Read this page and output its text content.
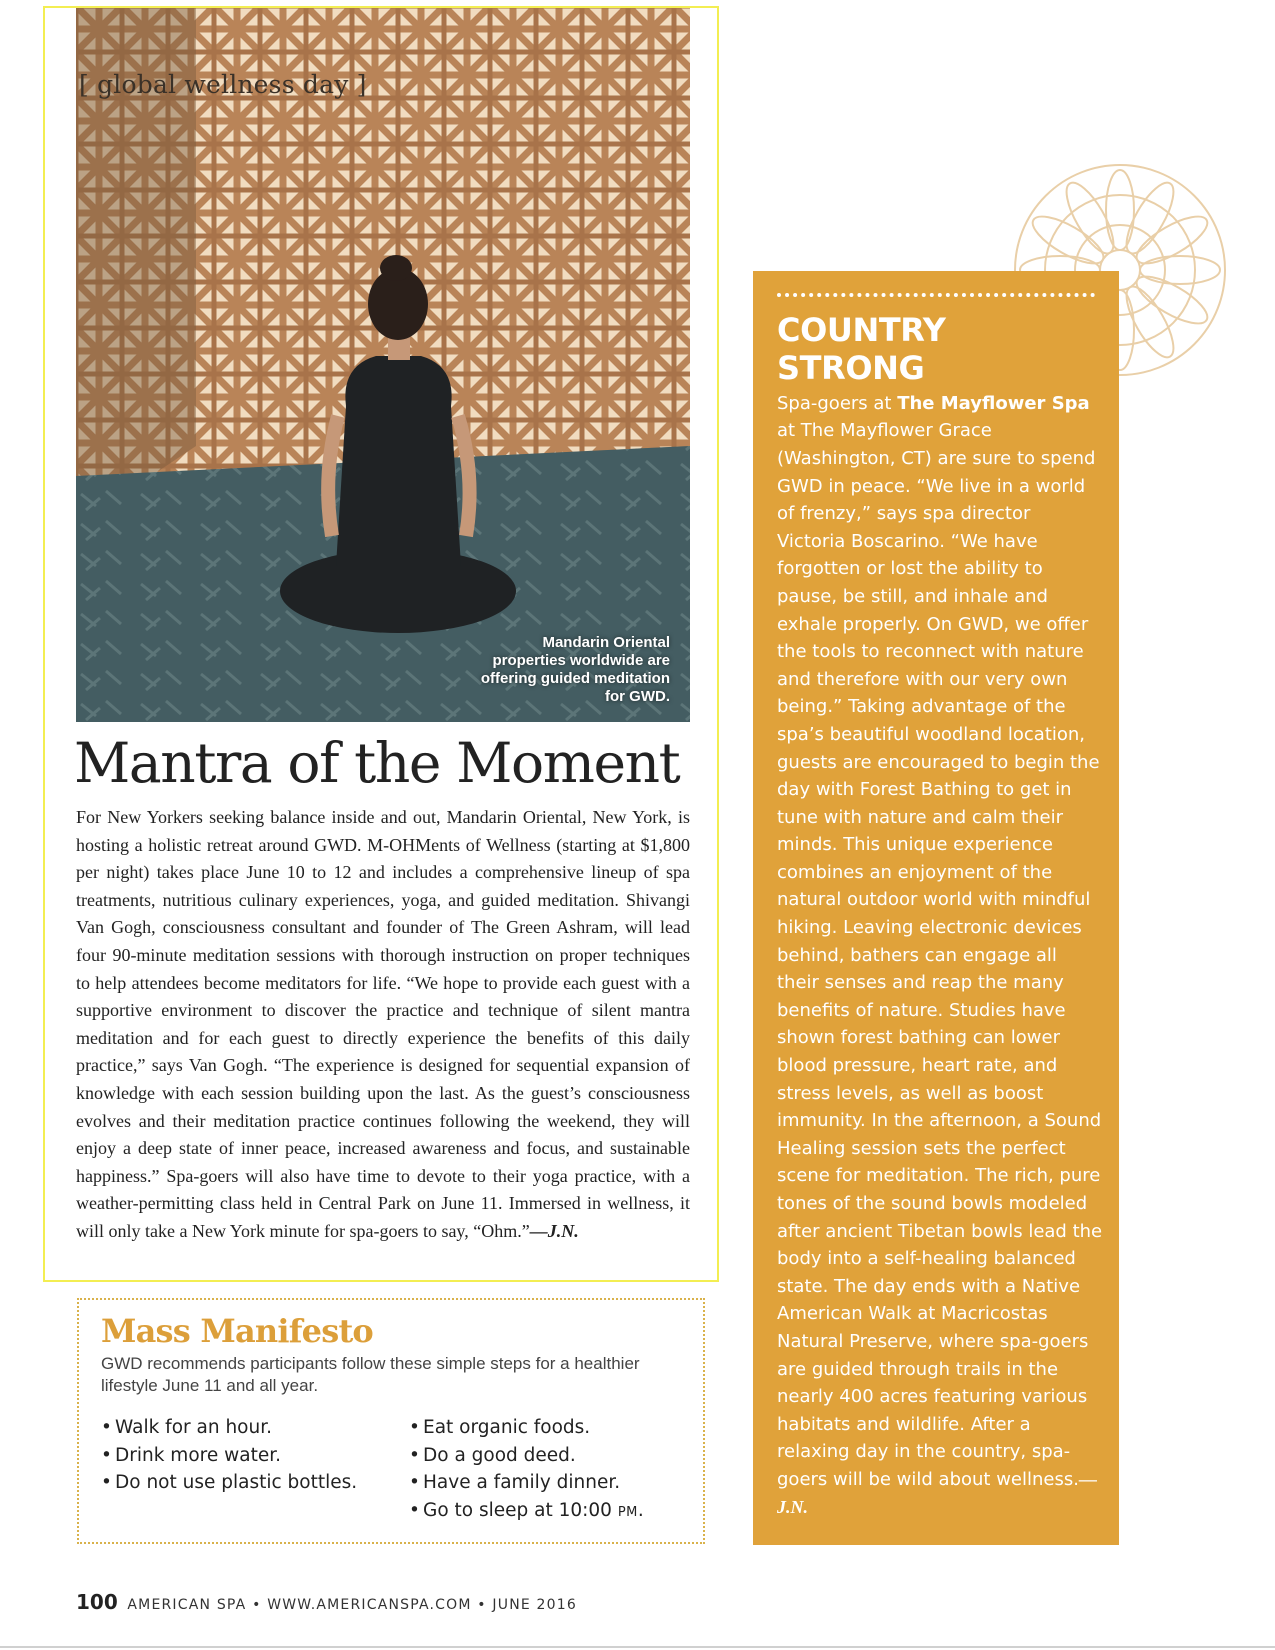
[ global wellness day ]
Mandarin Oriental properties worldwide are offering guided meditation for GWD.
Mantra of the Moment

For New Yorkers seeking balance inside and out, Mandarin Oriental, New York, is hosting a holistic retreat around GWD. M-OHMents of Wellness (starting at $1,800 per night) takes place June 10 to 12 and includes a comprehensive lineup of spa treatments, nutritious culinary experiences, yoga, and guided meditation. Shivangi Van Gogh, consciousness consultant and founder of The Green Ashram, will lead four 90-minute meditation sessions with thorough instruction on proper techniques to help attendees become meditators for life. “We hope to provide each guest with a supportive environment to discover the practice and technique of silent mantra meditation and for each guest to directly experience the benefits of this daily practice,” says Van Gogh. “The experience is designed for sequential expansion of knowledge with each session building upon the last. As the guest’s consciousness evolves and their meditation practice continues following the weekend, they will enjoy a deep state of inner peace, increased awareness and focus, and sustainable happiness.” Spa-goers will also have time to devote to their yoga practice, with a weather-permitting class held in Central Park on June 11. Immersed in wellness, it will only take a New York minute for spa-goers to say, “Ohm.”—J.N.

Mass Manifesto

GWD recommends participants follow these simple steps for a healthier lifestyle June 11 and all year.

• Walk for an hour.
• Drink more water.
• Do not use plastic bottles.
• Eat organic foods.
• Do a good deed.
• Have a family dinner.
• Go to sleep at 10:00 PM.
COUNTRY STRONG

Spa-goers at The Mayflower Spa at The Mayflower Grace (Washington, CT) are sure to spend GWD in peace. “We live in a world of frenzy,” says spa director Victoria Boscarino. “We have forgotten or lost the ability to pause, be still, and inhale and exhale properly. On GWD, we offer the tools to reconnect with nature and therefore with our very own being.” Taking advantage of the spa’s beautiful woodland location, guests are encouraged to begin the day with Forest Bathing to get in tune with nature and calm their minds. This unique experience combines an enjoyment of the natural outdoor world with mindful hiking. Leaving electronic devices behind, bathers can engage all their senses and reap the many benefits of nature. Studies have shown forest bathing can lower blood pressure, heart rate, and stress levels, as well as boost immunity. In the afternoon, a Sound Healing session sets the perfect scene for meditation. The rich, pure tones of the sound bowls modeled after ancient Tibetan bowls lead the body into a self-healing balanced state. The day ends with a Native American Walk at Macricostas Natural Preserve, where spa-goers are guided through trails in the nearly 400 acres featuring various habitats and wildlife. After a relaxing day in the country, spa-goers will be wild about wellness.—J.N.

100 AMERICAN SPA • WWW.AMERICANSPA.COM • JUNE 2016
